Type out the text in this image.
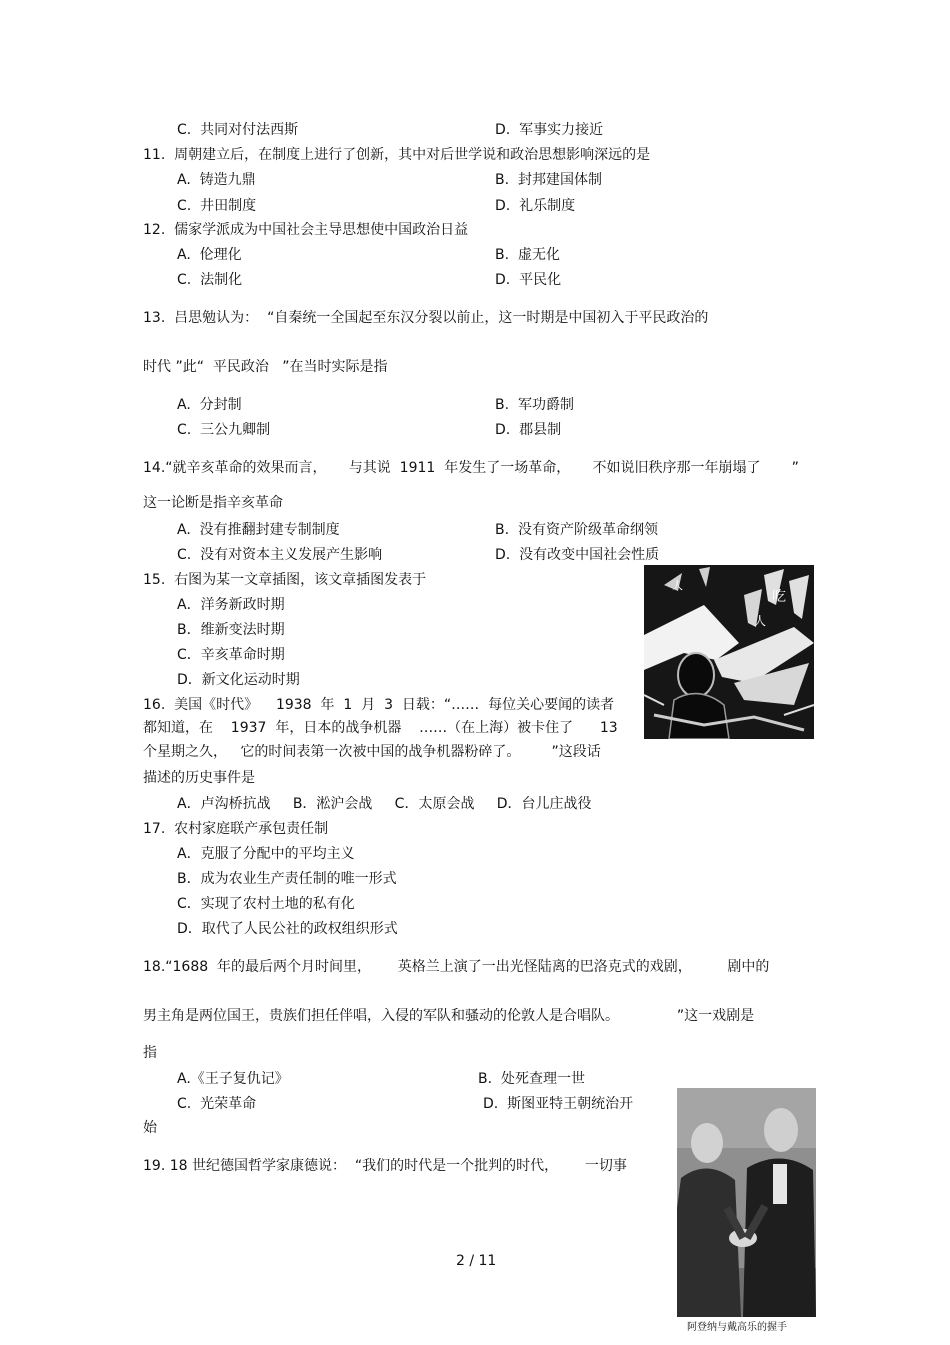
C.  共同对付法西斯	D.  军事实力接近
11.  周朝建立后，在制度上进行了创新，其中对后世学说和政治思想影响深远的是
A.  铸造九鼎	B.  封邦建国体制
C.  井田制度	D.  礼乐制度
12.  儒家学派成为中国社会主导思想使中国政治日益
A.  伦理化	B.  虚无化
C.  法制化	D.  平民化
13.  吕思勉认为：  “自秦统一全国起至东汉分裂以前止，这一时期是中国初入于平民政治的
时代 ”此“  平民政治   ”在当时实际是指
A.  分封制	B.  军功爵制
C.  三公九卿制	D.  郡县制
14.“就辛亥革命的效果而言，     与其说  1911  年发生了一场革命，     不如说旧秩序那一年崩塌了       ”
这一论断是指辛亥革命
A.  没有推翻封建专制制度	B.  没有资产阶级革命纲领
C.  没有对资本主义发展产生影响	D.  没有改变中国社会性质
15.  右图为某一文章插图，该文章插图发表于
A．洋务新政时期
B．维新变法时期
C．辛亥革命时期
D．新文化运动时期
16.  美国《时代》    1938  年  1  月  3  日载：“……  每位关心要闻的读者
都知道，在    1937  年，日本的战争机器    ……（在上海）被卡住了      13
个星期之久，   它的时间表第一次被中国的战争机器粉碎了。       ”这段话
描述的历史事件是
A．卢沟桥抗战     B．淞沪会战     C．太原会战     D．台儿庄战役
17.  农村家庭联产承包责任制
A．克服了分配中的平均主义
B．成为农业生产责任制的唯一形式
C．实现了农村土地的私有化
D．取代了人民公社的政权组织形式
18.“1688  年的最后两个月时间里，      英格兰上演了一出光怪陆离的巴洛克式的戏剧，        剧中的
男主角是两位国王，贵族们担任伴唱，入侵的军队和骚动的伦敦人是合唱队。             ”这一戏剧是
指
A.《王子复仇记》	B.  处死查理一世
C.  光荣革命	D.  斯图亚特王朝统治开
始
19. 18 世纪德国哲学家康德说：  “我们的时代是一个批判的时代，      一切事
吃
人
人
阿登纳与戴高乐的握手
2 / 11
